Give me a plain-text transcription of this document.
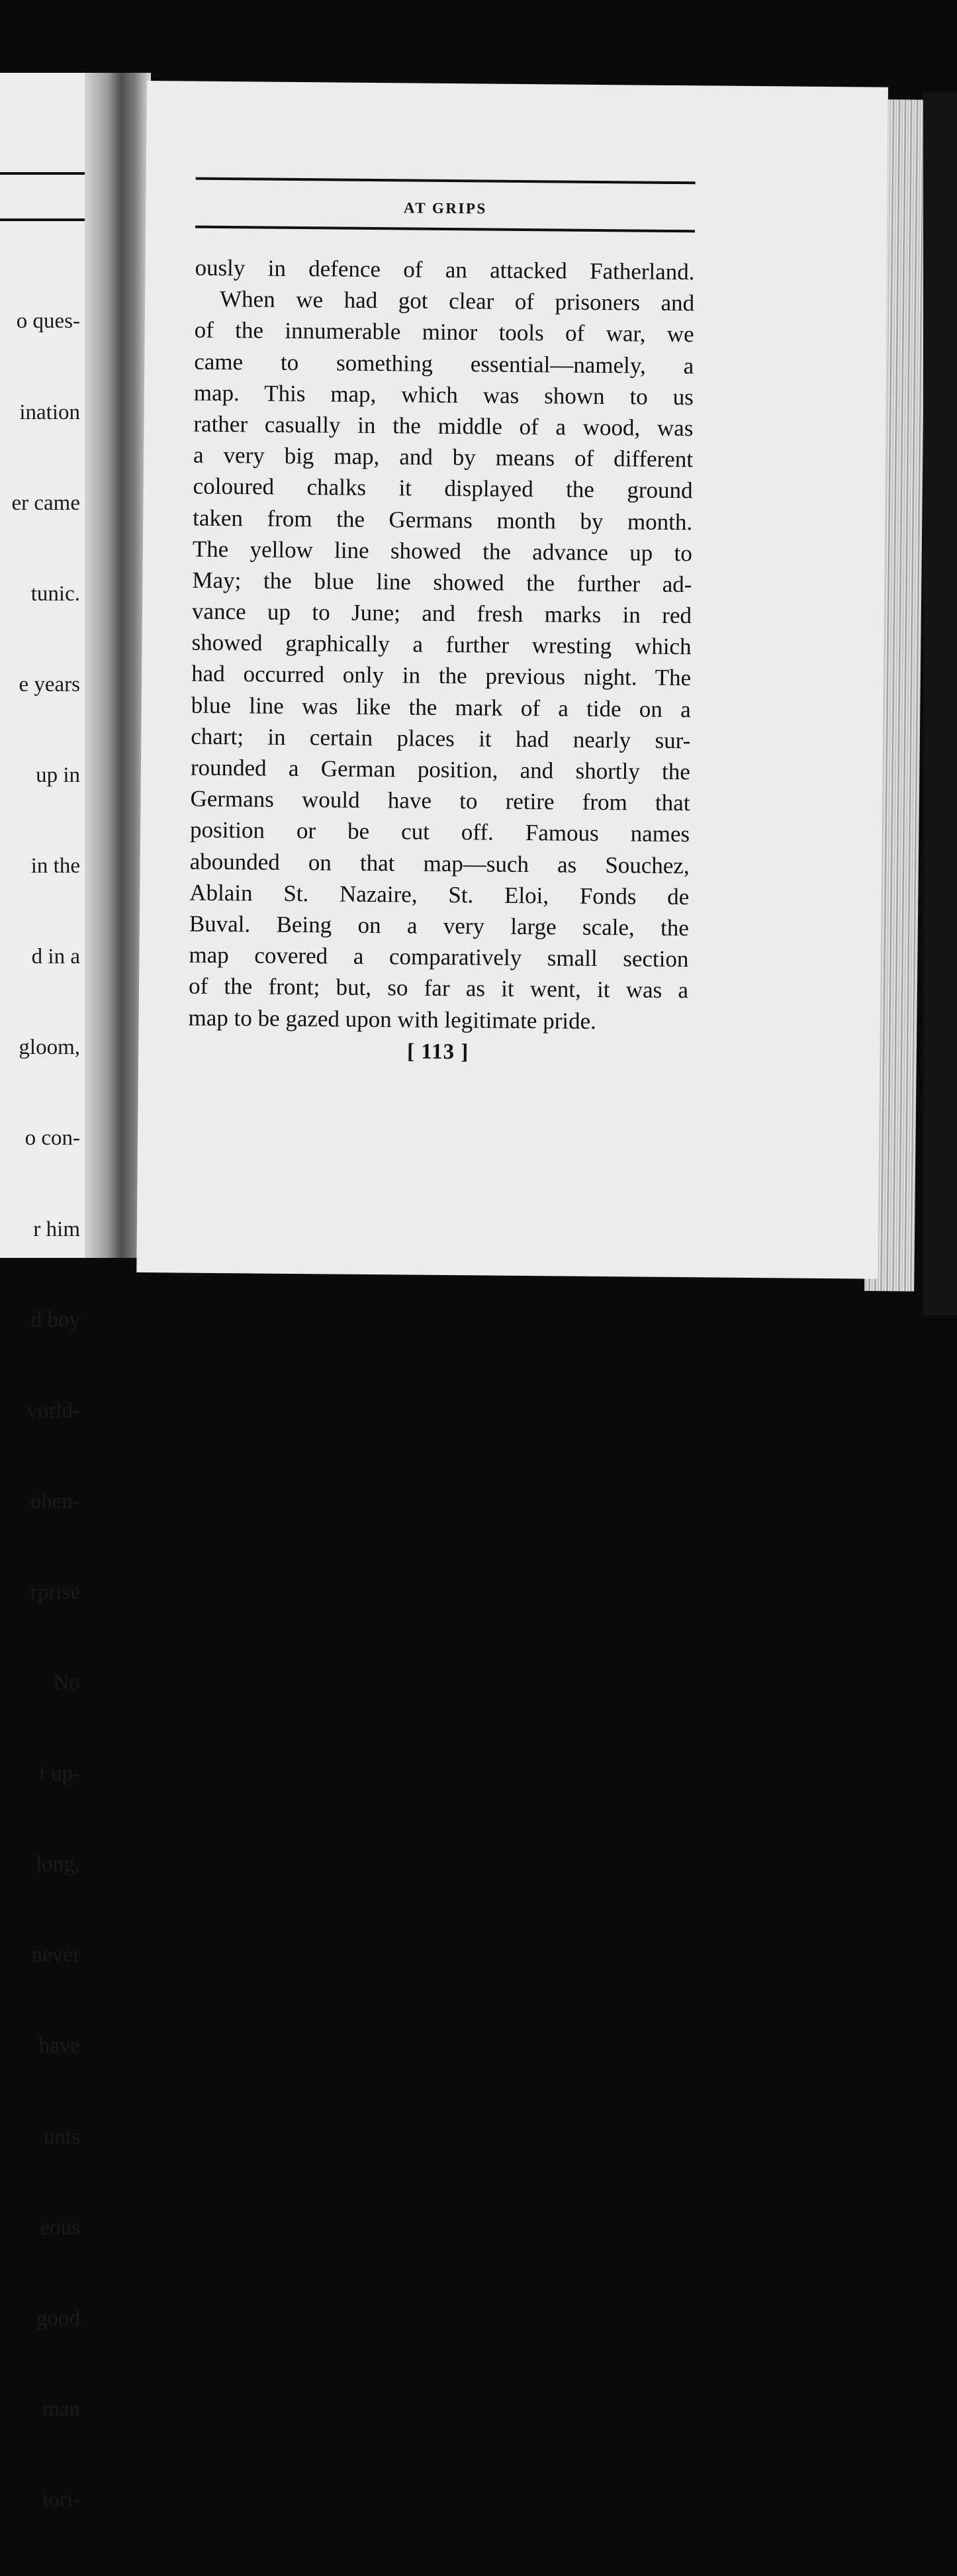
o ques-

ination

er came

tunic.

e years

up in

in the

d in a

gloom,

o con-

r him

d boy

vorld-

ohen-

rprise

No

t up-

long,

never

have

unts

eous

good

man

tori-

AT GRIPS
ously in defence of an attacked Fatherland.
When we had got clear of prisoners and
of the innumerable minor tools of war, we
came to something essential—namely, a
map. This map, which was shown to us
rather casually in the middle of a wood, was
a very big map, and by means of different
coloured chalks it displayed the ground
taken from the Germans month by month.
The yellow line showed the advance up to
May; the blue line showed the further ad-
vance up to June; and fresh marks in red
showed graphically a further wresting which
had occurred only in the previous night. The
blue line was like the mark of a tide on a
chart; in certain places it had nearly sur-
rounded a German position, and shortly the
Germans would have to retire from that
position or be cut off. Famous names
abounded on that map—such as Souchez,
Ablain St. Nazaire, St. Eloi, Fonds de
Buval. Being on a very large scale, the
map covered a comparatively small section
of the front; but, so far as it went, it was a
map to be gazed upon with legitimate pride.
[ 113 ]
